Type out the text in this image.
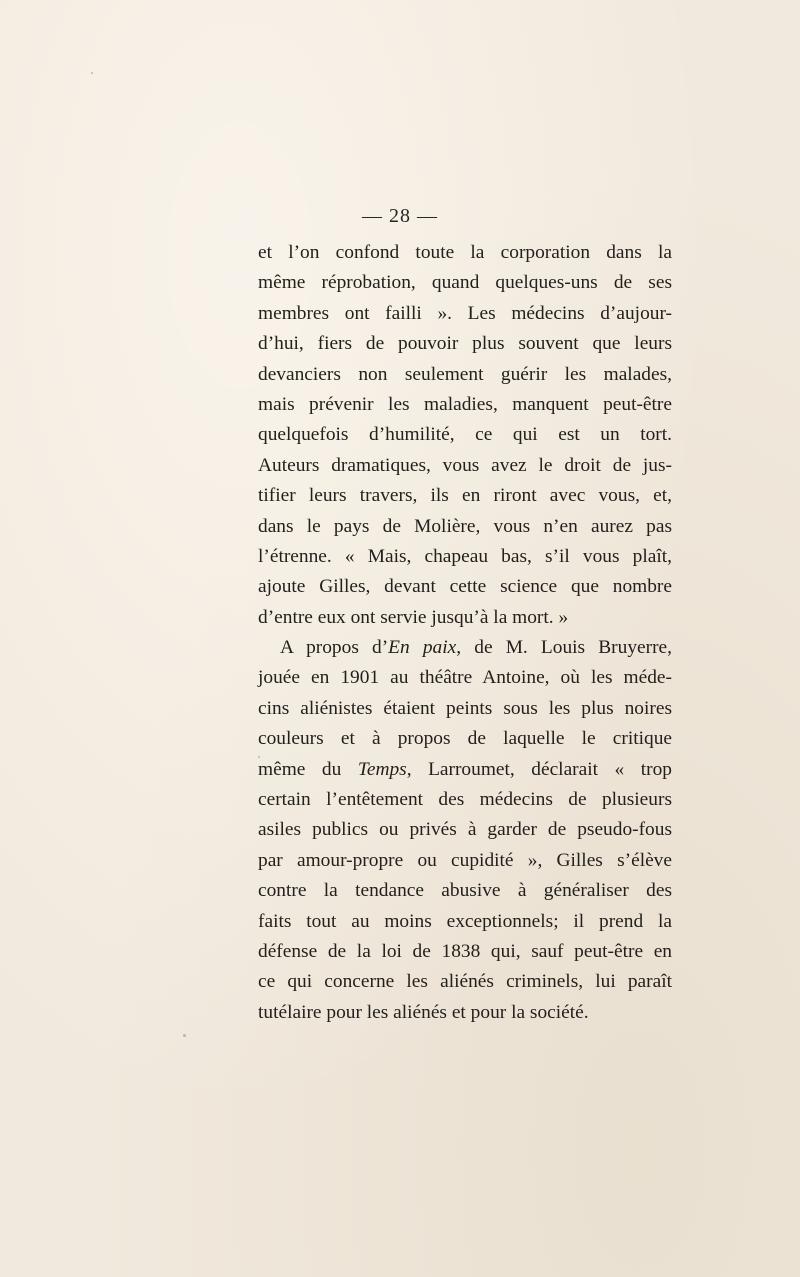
— 28 —
et l’on confond toute la corporation dans la
même réprobation, quand quelques-uns de ses
membres ont failli ». Les médecins d’aujour-
d’hui, fiers de pouvoir plus souvent que leurs
devanciers non seulement guérir les malades,
mais prévenir les maladies, manquent peut-être
quelquefois d’humilité, ce qui est un tort.
Auteurs dramatiques, vous avez le droit de jus-
tifier leurs travers, ils en riront avec vous, et,
dans le pays de Molière, vous n’en aurez pas
l’étrenne. « Mais, chapeau bas, s’il vous plaît,
ajoute Gilles, devant cette science que nombre
d’entre eux ont servie jusqu’à la mort. »
A propos d’En paix, de M. Louis Bruyerre,
jouée en 1901 au théâtre Antoine, où les méde-
cins aliénistes étaient peints sous les plus noires
couleurs et à propos de laquelle le critique
même du Temps, Larroumet, déclarait « trop
certain l’entêtement des médecins de plusieurs
asiles publics ou privés à garder de pseudo-fous
par amour-propre ou cupidité », Gilles s’élève
contre la tendance abusive à généraliser des
faits tout au moins exceptionnels; il prend la
défense de la loi de 1838 qui, sauf peut-être en
ce qui concerne les aliénés criminels, lui paraît
tutélaire pour les aliénés et pour la société.
